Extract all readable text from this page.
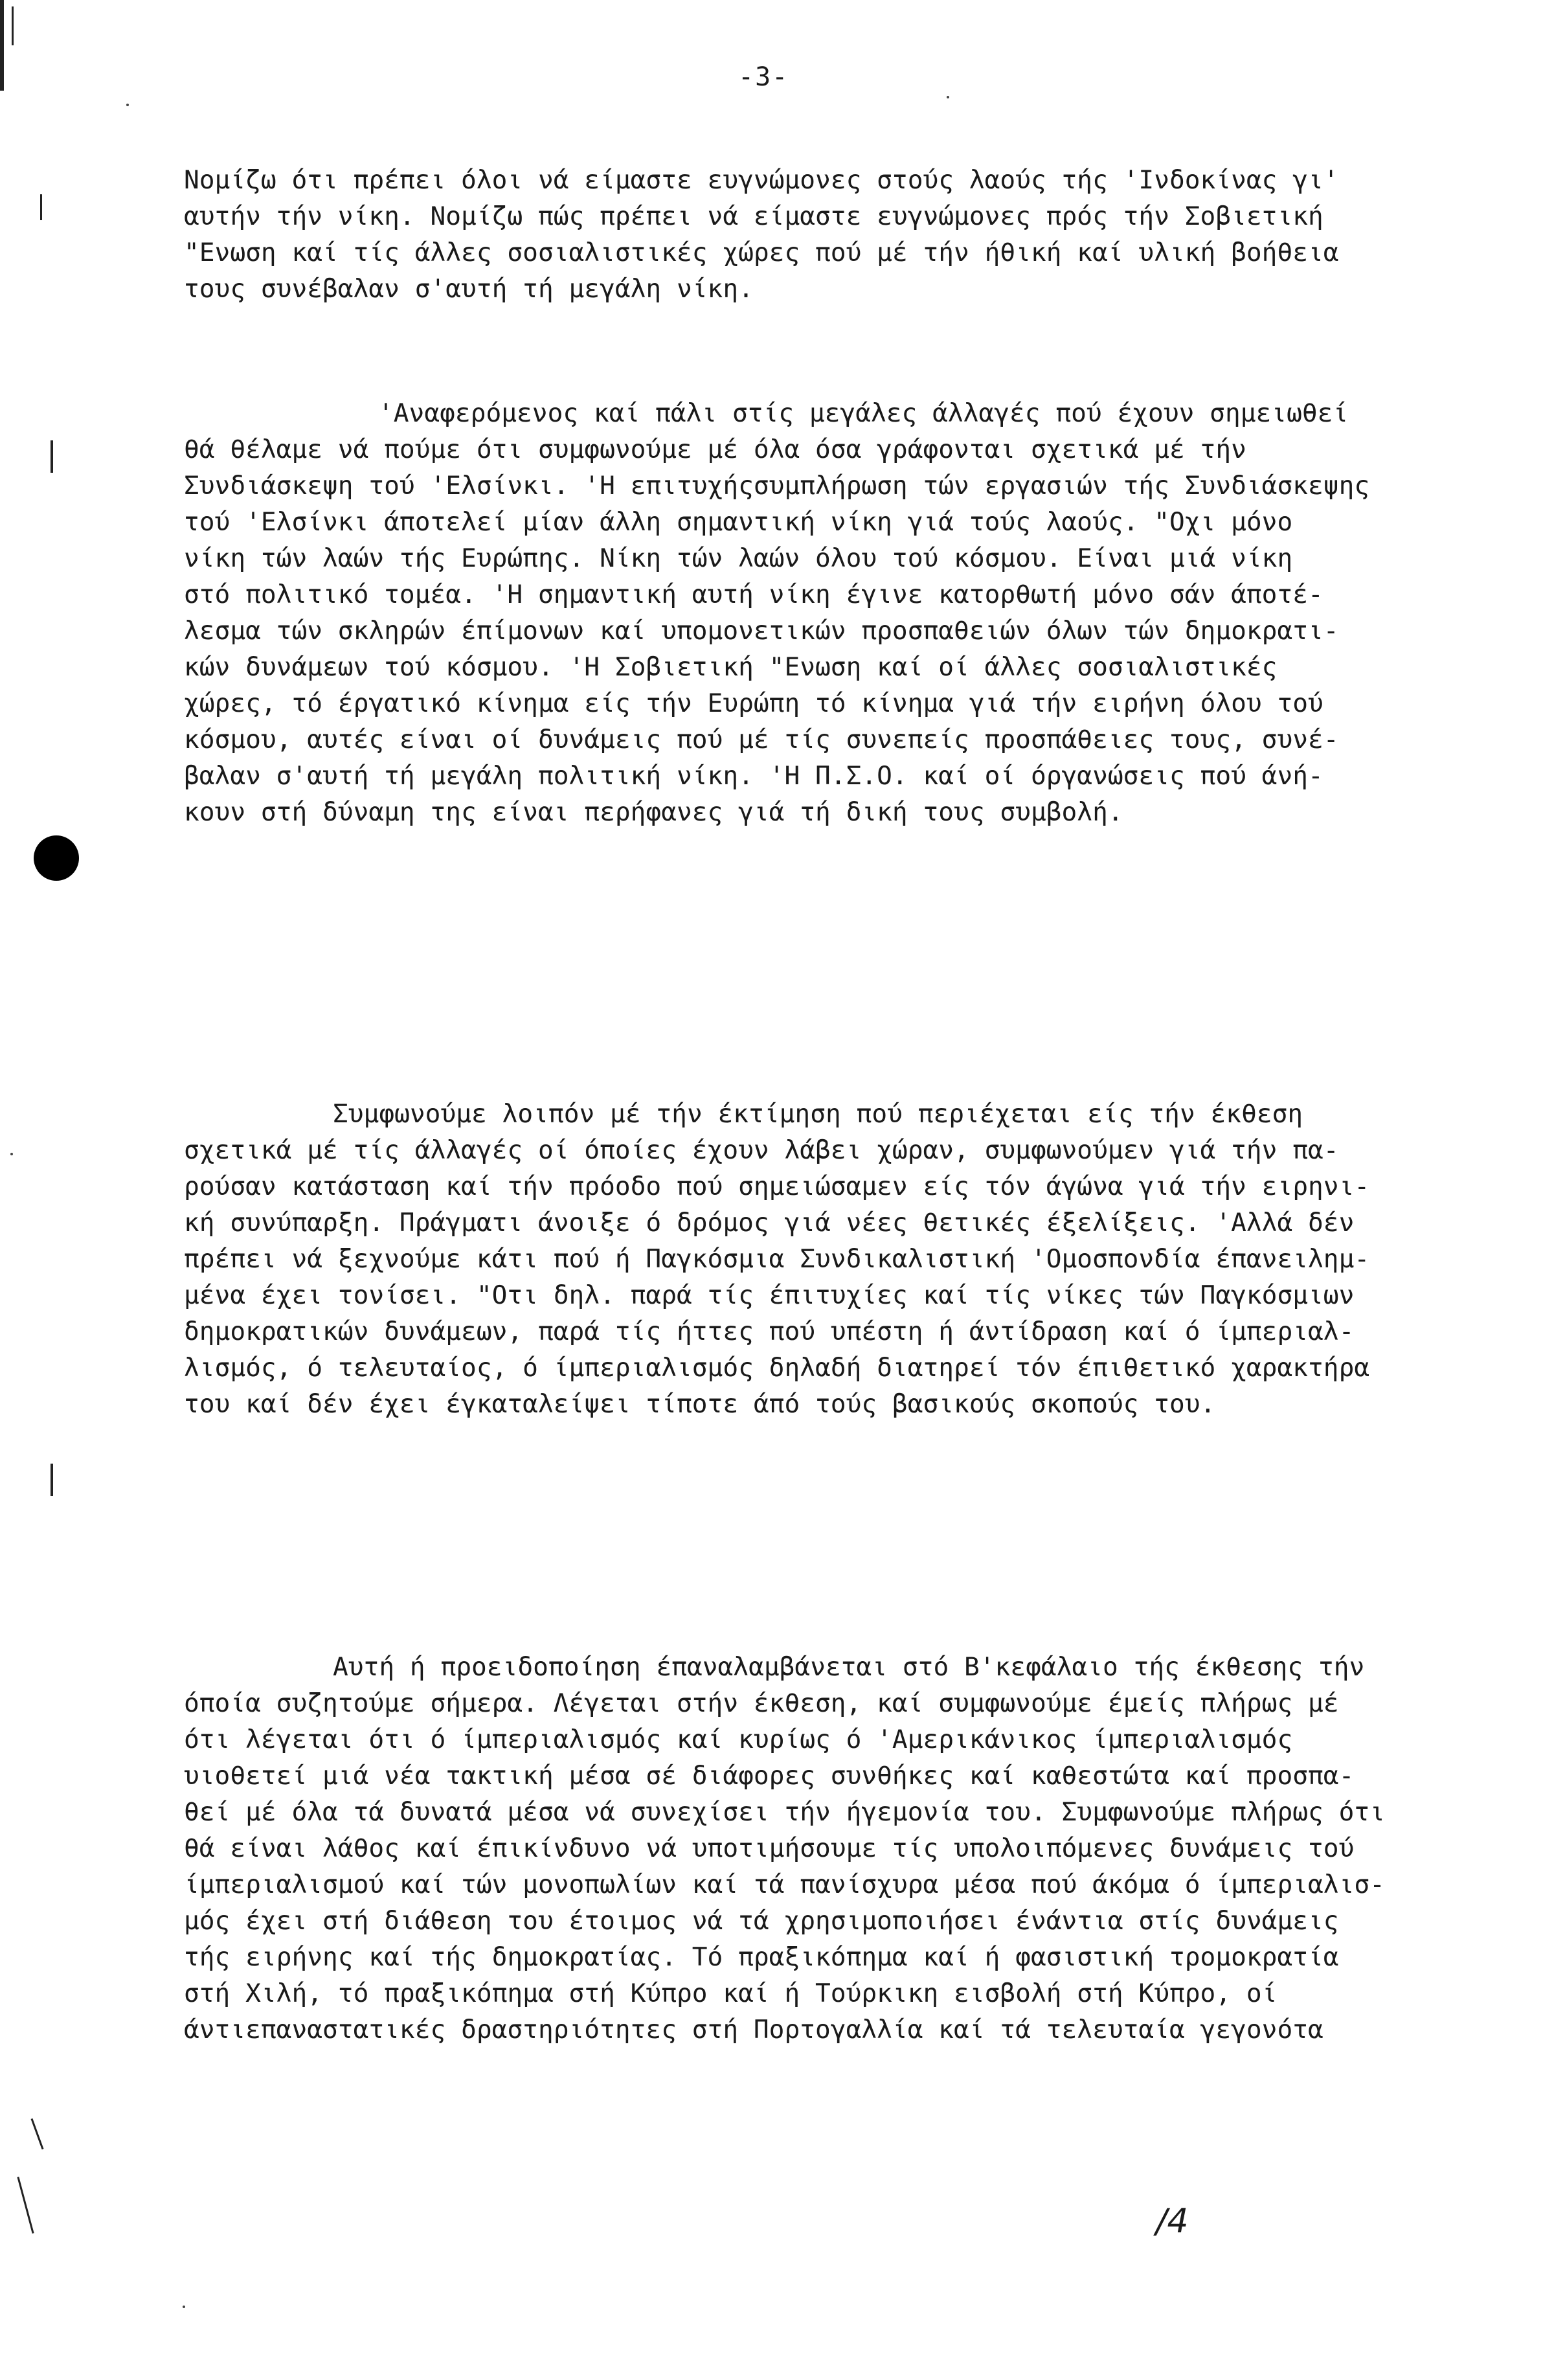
-3-
Νομίζω ότι πρέπει όλοι νά είμαστε ευγνώμονες στούς λαούς τής 'Ινδοκίνας γι'
αυτήν τήν νίκη. Νομίζω πώς πρέπει νά είμαστε ευγνώμονες πρός τήν Σοβιετική
"Ενωση καί τίς άλλες σοσιαλιστικές χώρες πού μέ τήν ήθική καί υλική βοήθεια
τους συνέβαλαν σ'αυτή τή μεγάλη νίκη.
'Αναφερόμενος καί πάλι στίς μεγάλες άλλαγές πού έχουν σημειωθεί
θά θέλαμε νά πούμε ότι συμφωνούμε μέ όλα όσα γράφονται σχετικά μέ τήν
Συνδιάσκεψη τού 'Ελσίνκι. 'Η επιτυχήςσυμπλήρωση τών εργασιών τής Συνδιάσκεψης
τού 'Ελσίνκι άποτελεί μίαν άλλη σημαντική νίκη γιά τούς λαούς. "Οχι μόνο
νίκη τών λαών τής Ευρώπης. Νίκη τών λαών όλου τού κόσμου. Είναι μιά νίκη
στό πολιτικό τομέα. 'Η σημαντική αυτή νίκη έγινε κατορθωτή μόνο σάν άποτέ-
λεσμα τών σκληρών έπίμονων καί υπομονετικών προσπαθειών όλων τών δημοκρατι-
κών δυνάμεων τού κόσμου. 'Η Σοβιετική "Ενωση καί οί άλλες σοσιαλιστικές
χώρες, τό έργατικό κίνημα είς τήν Ευρώπη τό κίνημα γιά τήν ειρήνη όλου τού
κόσμου, αυτές είναι οί δυνάμεις πού μέ τίς συνεπείς προσπάθειες τους, συνέ-
βαλαν σ'αυτή τή μεγάλη πολιτική νίκη. 'Η Π.Σ.Ο. καί οί όργανώσεις πού άνή-
κουν στή δύναμη της είναι περήφανες γιά τή δική τους συμβολή.
Συμφωνούμε λοιπόν μέ τήν έκτίμηση πού περιέχεται είς τήν έκθεση
σχετικά μέ τίς άλλαγές οί όποίες έχουν λάβει χώραν, συμφωνούμεν γιά τήν πα-
ρούσαν κατάσταση καί τήν πρόοδο πού σημειώσαμεν είς τόν άγώνα γιά τήν ειρηνι-
κή συνύπαρξη. Πράγματι άνοιξε ό δρόμος γιά νέες θετικές έξελίξεις. 'Αλλά δέν
πρέπει νά ξεχνούμε κάτι πού ή Παγκόσμια Συνδικαλιστική 'Ομοσπονδία έπανειλημ-
μένα έχει τονίσει. "Οτι δηλ. παρά τίς έπιτυχίες καί τίς νίκες τών Παγκόσμιων
δημοκρατικών δυνάμεων, παρά τίς ήττες πού υπέστη ή άντίδραση καί ό ίμπεριαλ-
λισμός, ό τελευταίος, ό ίμπεριαλισμός δηλαδή διατηρεί τόν έπιθετικό χαρακτήρα
του καί δέν έχει έγκαταλείψει τίποτε άπό τούς βασικούς σκοπούς του.
Αυτή ή προειδοποίηση έπαναλαμβάνεται στό Β'κεφάλαιο τής έκθεσης τήν
όποία συζητούμε σήμερα. Λέγεται στήν έκθεση, καί συμφωνούμε έμείς πλήρως μέ
ότι λέγεται ότι ό ίμπεριαλισμός καί κυρίως ό 'Αμερικάνικος ίμπεριαλισμός
υιοθετεί μιά νέα τακτική μέσα σέ διάφορες συνθήκες καί καθεστώτα καί προσπα-
θεί μέ όλα τά δυνατά μέσα νά συνεχίσει τήν ήγεμονία του. Συμφωνούμε πλήρως ότι
θά είναι λάθος καί έπικίνδυνο νά υποτιμήσουμε τίς υπολοιπόμενες δυνάμεις τού
ίμπεριαλισμού καί τών μονοπωλίων καί τά πανίσχυρα μέσα πού άκόμα ό ίμπεριαλισ-
μός έχει στή διάθεση του έτοιμος νά τά χρησιμοποιήσει ένάντια στίς δυνάμεις
τής ειρήνης καί τής δημοκρατίας. Τό πραξικόπημα καί ή φασιστική τρομοκρατία
στή Χιλή, τό πραξικόπημα στή Κύπρο καί ή Τούρκικη εισβολή στή Κύπρο, οί
άντιεπαναστατικές δραστηριότητες στή Πορτογαλλία καί τά τελευταία γεγονότα
/4
